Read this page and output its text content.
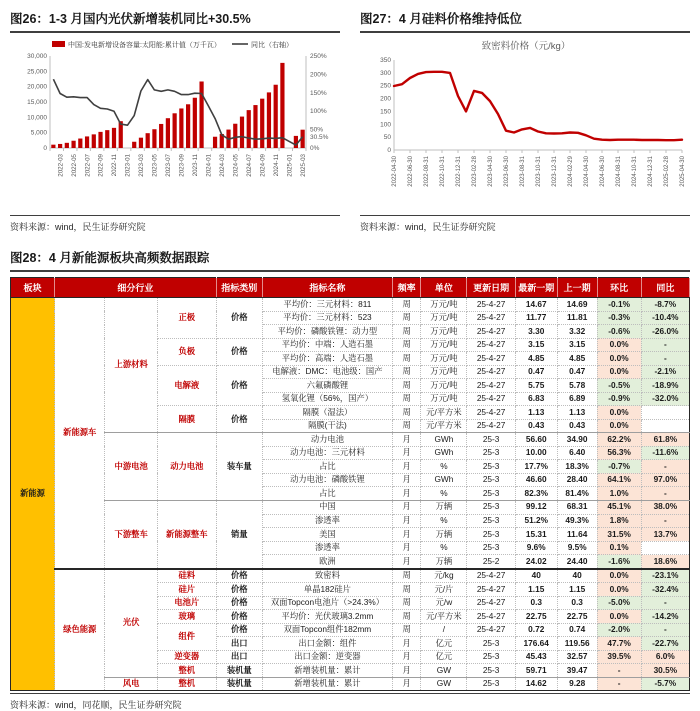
图26：1-3 月国内光伏新增装机同比+30.5%
中国:发电新增设备容量:太阳能:累计值（万千瓦）	同比（右轴）
0
5,000
10,000
15,000
20,000
25,000
30,000
0%
50%
100%
150%
200%
250%
30.5%
2022-03 2022-05 2022-07 2022-09 2022-11 2023-01 2023-03 2023-05 2023-07 2023-09 2023-11 2024-01 2024-03 2024-05 2024-07 2024-09 2024-11 2025-01 2025-03
资料来源：wind，民生证券研究院
图27：4 月硅料价格维持低位
致密料价格（元/kg）
0
50
100
150
200
250
300
350
2022-04-30 2022-06-30 2022-08-31 2022-10-31 2022-12-31 2023-02-28 2023-04-30 2023-06-30 2023-08-31 2023-10-31 2023-12-31 2024-02-29 2024-04-30 2024-06-30 2024-08-31 2024-10-31 2024-12-31 2025-02-28 2025-04-30
资料来源：wind，民生证券研究院
图28：4 月新能源板块高频数据跟踪
板块	细分行业			指标类别	指标名称	频率	单位	更新日期	最新一期	上一期	环比	同比
新能源	新能源车	上游材料	正极	价格	平均价：三元材料：811	周	万元/吨	25-4-27	14.67	14.69	-0.1%	-8.7%
					平均价：三元材料：523	周	万元/吨	25-4-27	11.77	11.81	-0.3%	-10.4%
					平均价：磷酸铁锂：动力型	周	万元/吨	25-4-27	3.30	3.32	-0.6%	-26.0%
			负极	价格	平均价：中端：人造石墨	周	万元/吨	25-4-27	3.15	3.15	0.0%	-
					平均价：高端：人造石墨	周	万元/吨	25-4-27	4.85	4.85	0.0%	-
			电解液	价格	电解液：DMC：电池级：国产	周	万元/吨	25-4-27	0.47	0.47	0.0%	-2.1%
					六氟磷酸锂	周	万元/吨	25-4-27	5.75	5.78	-0.5%	-18.9%
					氢氧化锂（56%，国产）	周	万元/吨	25-4-27	6.83	6.89	-0.9%	-32.0%
			隔膜	价格	隔膜（湿法）	周	元/平方米	25-4-27	1.13	1.13	0.0%	
					隔膜(干法)	周	元/平方米	25-4-27	0.43	0.43	0.0%	
		中游电池	动力电池	装车量	动力电池	月	GWh	25-3	56.60	34.90	62.2%	61.8%
					动力电池：三元材料	月	GWh	25-3	10.00	6.40	56.3%	-11.6%
					占比	月	%	25-3	17.7%	18.3%	-0.7%	-
					动力电池：磷酸铁锂	月	GWh	25-3	46.60	28.40	64.1%	97.0%
					占比	月	%	25-3	82.3%	81.4%	1.0%	-
		下游整车	新能源整车	销量	中国	月	万辆	25-3	99.12	68.31	45.1%	38.0%
					渗透率	月	%	25-3	51.2%	49.3%	1.8%	-
					美国	月	万辆	25-3	15.31	11.64	31.5%	13.7%
					渗透率	月	%	25-3	9.6%	9.5%	0.1%	
					欧洲	月	万辆	25-2	24.02	24.40	-1.6%	18.6%
	绿色能源	光伏	硅料	价格	致密料	周	元/kg	25-4-27	40	40	0.0%	-23.1%
			硅片	价格	单晶182硅片	周	元/片	25-4-27	1.15	1.15	0.0%	-32.4%
			电池片	价格	双面Topcon电池片（>24.3%）	周	元/w	25-4-27	0.3	0.3	-5.0%	-
			玻璃	价格	平均价：光伏玻璃3.2mm	周	元/平方米	25-4-27	22.75	22.75	0.0%	-14.2%
			组件	价格	双面Topcon组件182mm	周	/	25-4-27	0.72	0.74	-2.0%	-
				出口	出口金额：组件	月	亿元	25-3	176.64	119.56	47.7%	-22.7%
			逆变器	出口	出口金额：逆变器	月	亿元	25-3	45.43	32.57	39.5%	6.0%
			整机	装机量	新增装机量：累计	月	GW	25-3	59.71	39.47	-	30.5%
		风电	整机	装机量	新增装机量：累计	月	GW	25-3	14.62	9.28	-	-5.7%
资料来源：wind，同花顺，民生证券研究院
